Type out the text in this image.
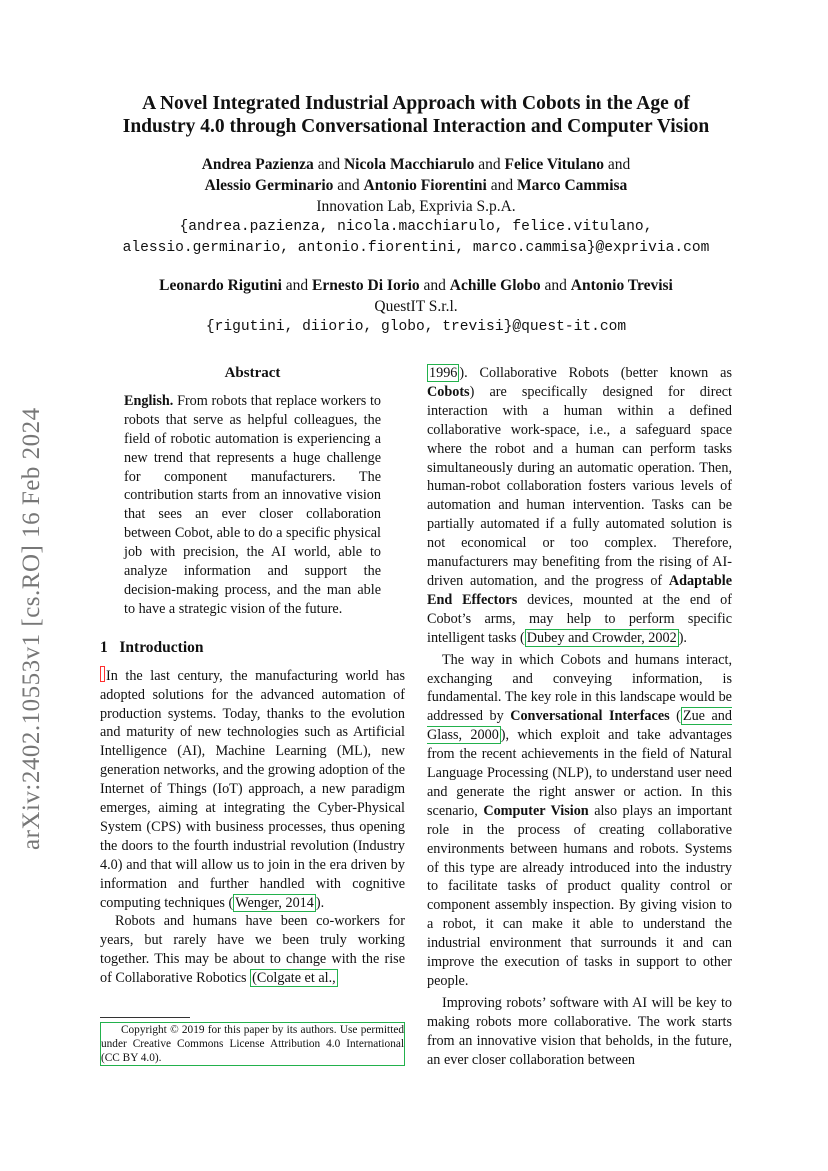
arXiv:2402.10553v1 [cs.RO] 16 Feb 2024
A Novel Integrated Industrial Approach with Cobots in the Age of
Industry 4.0 through Conversational Interaction and Computer Vision
Andrea Pazienza and Nicola Macchiarulo and Felice Vitulano and
Alessio Germinario and Antonio Fiorentini and Marco Cammisa
Innovation Lab, Exprivia S.p.A.
{andrea.pazienza, nicola.macchiarulo, felice.vitulano,
alessio.germinario, antonio.fiorentini, marco.cammisa}@exprivia.com
Leonardo Rigutini and Ernesto Di Iorio and Achille Globo and Antonio Trevisi
QuestIT S.r.l.
{rigutini, diiorio, globo, trevisi}@quest-it.com
Abstract

English. From robots that replace workers to robots that serve as helpful colleagues, the field of robotic automation is experiencing a new trend that represents a huge challenge for component manufacturers. The contribution starts from an innovative vision that sees an ever closer collaboration between Cobot, able to do a specific physical job with precision, the AI world, able to analyze information and support the decision-making process, and the man able to have a strategic vision of the future.

1 Introduction

In the last century, the manufacturing world has adopted solutions for the advanced automation of production systems. Today, thanks to the evolution and maturity of new technologies such as Artificial Intelligence (AI), Machine Learning (ML), new generation networks, and the growing adoption of the Internet of Things (IoT) approach, a new paradigm emerges, aiming at integrating the Cyber-Physical System (CPS) with business processes, thus opening the doors to the fourth industrial revolution (Industry 4.0) and that will allow us to join in the era driven by information and further handled with cognitive computing techniques ( Wenger, 2014 ).

Robots and humans have been co-workers for years, but rarely have we been truly working together. This may be about to change with the rise of Collaborative Robotics (Colgate et al.,

Copyright © 2019 for this paper by its authors. Use permitted under Creative Commons License Attribution 4.0 International (CC BY 4.0).

1996 ). Collaborative Robots (better known as Cobots) are specifically designed for direct interaction with a human within a defined collaborative work-space, i.e., a safeguard space where the robot and a human can perform tasks simultaneously during an automatic operation. Then, human-robot collaboration fosters various levels of automation and human intervention. Tasks can be partially automated if a fully automated solution is not economical or too complex. Therefore, manufacturers may benefiting from the rising of AI-driven automation, and the progress of Adaptable End Effectors devices, mounted at the end of Cobot’s arms, may help to perform specific intelligent tasks ( Dubey and Crowder, 2002 ).

The way in which Cobots and humans interact, exchanging and conveying information, is fundamental. The key role in this landscape would be addressed by Conversational Interfaces ( Zue and Glass, 2000 ), which exploit and take advantages from the recent achievements in the field of Natural Language Processing (NLP), to understand user need and generate the right answer or action. In this scenario, Computer Vision also plays an important role in the process of creating collaborative environments between humans and robots. Systems of this type are already introduced into the industry to facilitate tasks of product quality control or component assembly inspection. By giving vision to a robot, it can make it able to understand the industrial environment that surrounds it and can improve the execution of tasks in support to other people.

Improving robots’ software with AI will be key to making robots more collaborative. The work starts from an innovative vision that beholds, in the future, an ever closer collaboration between
